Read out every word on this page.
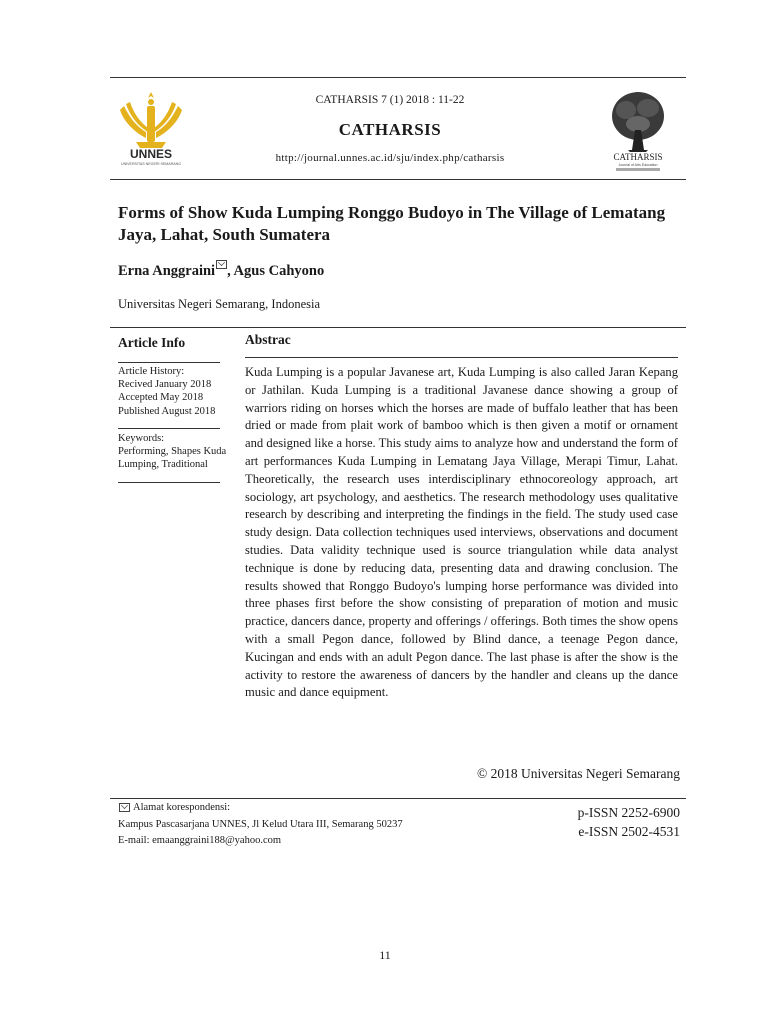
UNNES
UNIVERSITAS NEGERI SEMARANG
CATHARSIS 7 (1) 2018 : 11-22
CATHARSIS
http://journal.unnes.ac.id/sju/index.php/catharsis	CATHARSIS
Journal of Arts Education
Forms of Show Kuda Lumping Ronggo Budoyo in The Village of Lematang Jaya, Lahat, South Sumatera
Erna Anggraini , Agus Cahyono
Universitas Negeri Semarang, Indonesia
Article Info
Article History:
Recived January 2018
Accepted May 2018
Published August 2018
Keywords:
Performing, Shapes Kuda
Lumping, Traditional
Abstrac
Kuda Lumping is a popular Javanese art, Kuda Lumping is also called Jaran Kepang or Jathilan. Kuda Lumping is a traditional Javanese dance showing a group of warriors riding on horses which the horses are made of buffalo leather that has been dried or made from plait work of bamboo which is then given a motif or ornament and designed like a horse. This study aims to analyze how and understand the form of art performances Kuda Lumping in Lematang Jaya Village, Merapi Timur, Lahat. Theoretically, the research uses interdisciplinary ethnocoreology approach, art sociology, art psychology, and aesthetics. The research methodology uses qualitative research by describing and interpreting the findings in the field. The study used case study design. Data collection techniques used interviews, observations and document studies. Data validity technique used is source triangulation while data analyst technique is done by reducing data, presenting data and drawing conclusion. The results showed that Ronggo Budoyo's lumping horse performance was divided into three phases first before the show consisting of preparation of motion and music practice, dancers dance, property and offerings / offerings. Both times the show opens with a small Pegon dance, followed by Blind dance, a teenage Pegon dance, Kucingan and ends with an adult Pegon dance. The last phase is after the show is the activity to restore the awareness of dancers by the handler and cleans up the dance music and dance equipment.
© 2018 Universitas Negeri Semarang
Alamat korespondensi:
Kampus Pascasarjana UNNES, Jl Kelud Utara III, Semarang 50237
E-mail: emaanggraini188@yahoo.com
p-ISSN 2252-6900
e-ISSN 2502-4531
11
